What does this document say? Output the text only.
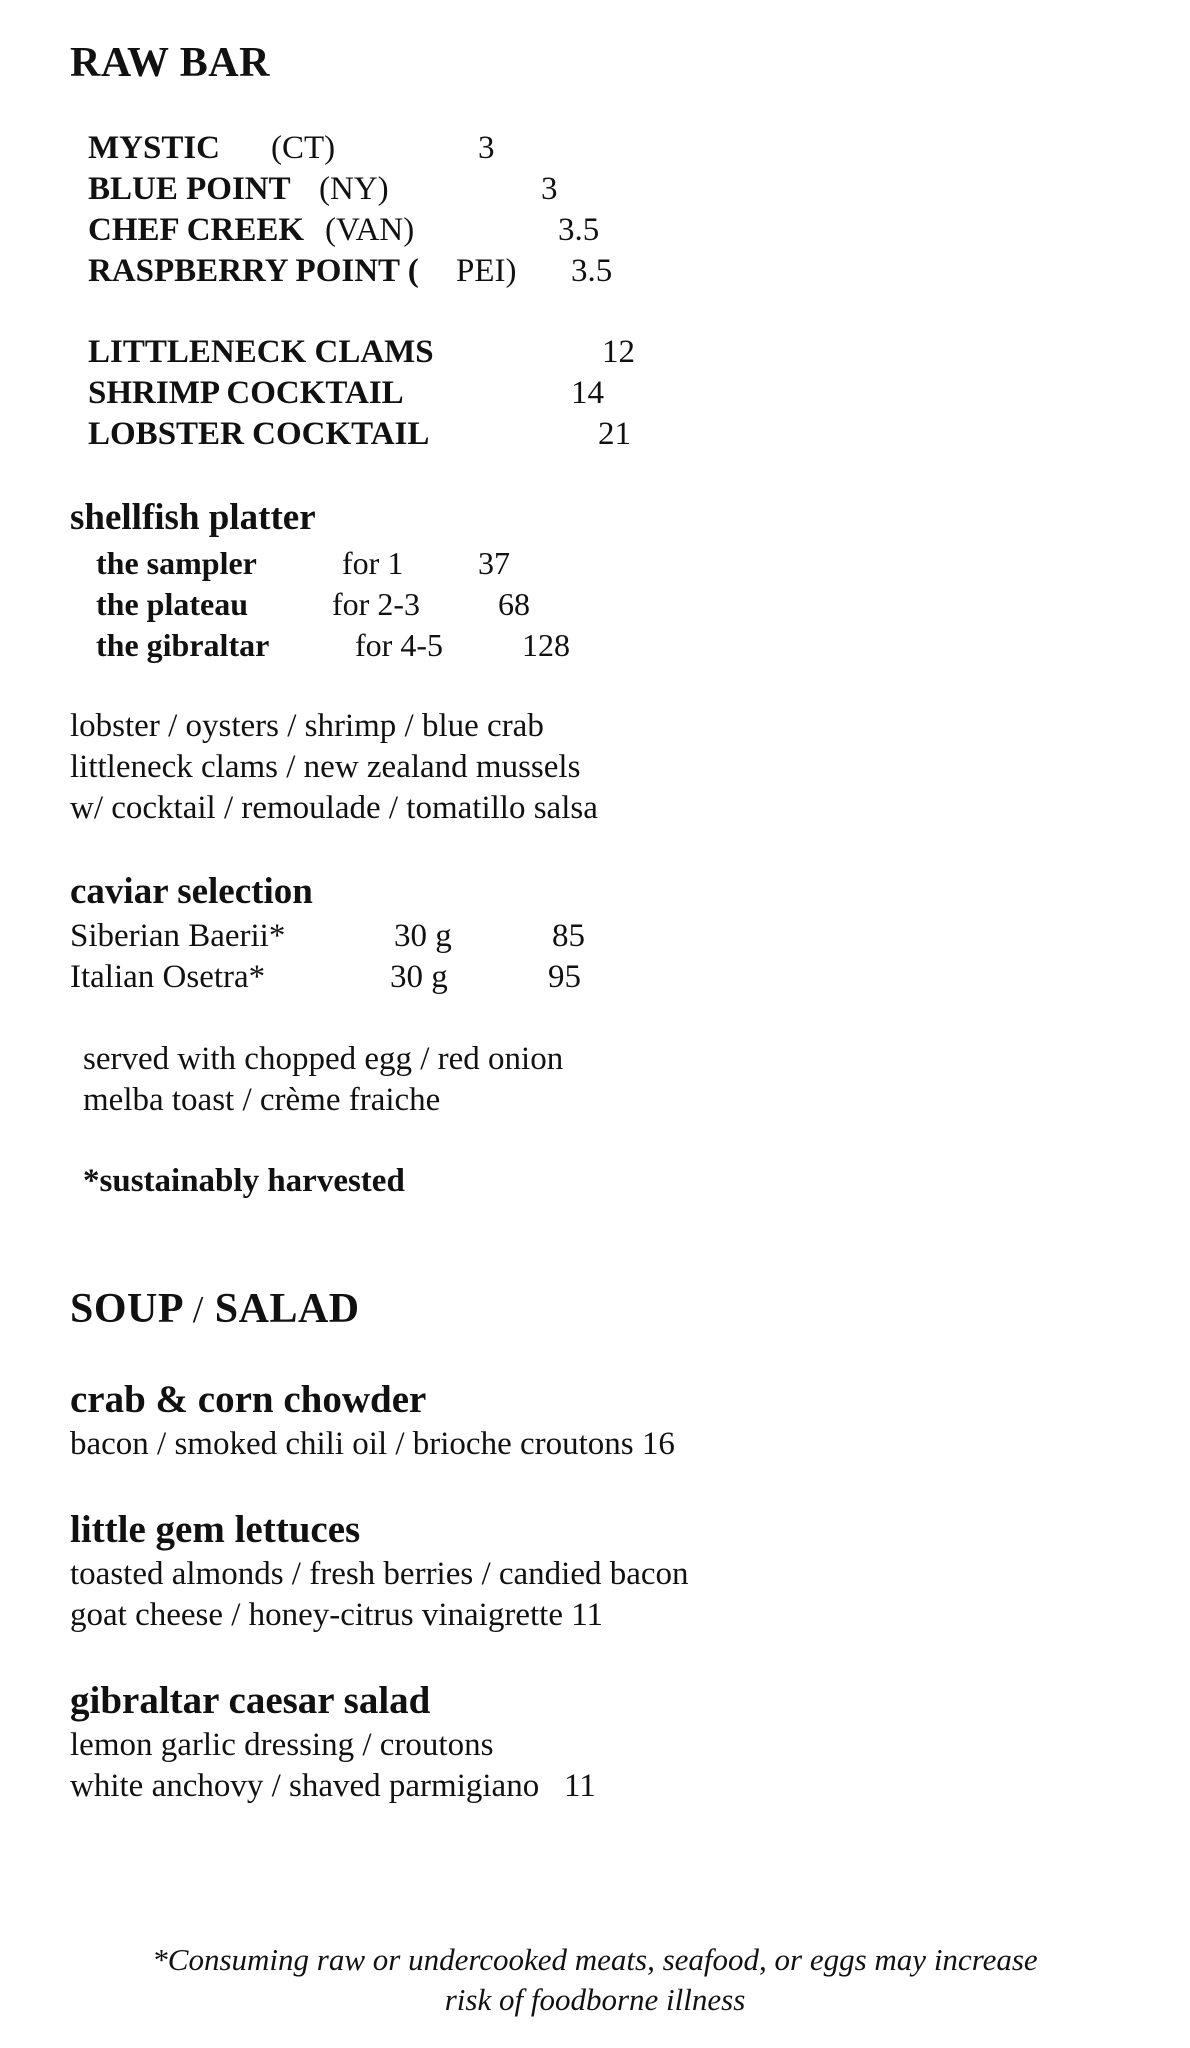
RAW BAR
MYSTIC (CT)	3
BLUE POINT (NY)	3
CHEF CREEK (VAN)	3.5
RASPBERRY POINT ( PEI) 3.5
LITTLENECK CLAMS	12
SHRIMP COCKTAIL	14
LOBSTER COCKTAIL	21
shellfish platter
the sampler	for 1 37
the plateau	for 2-3 68
the gibraltar	for 4-5 128
lobster / oysters / shrimp / blue crab
littleneck clams / new zealand mussels
w/ cocktail / remoulade / tomatillo salsa
caviar selection
Siberian Baerii*	30 g	85
Italian Osetra*	30 g	95
served with chopped egg / red onion
melba toast / crème fraiche
*sustainably harvested
SOUP / SALAD
crab & corn chowder
bacon / smoked chili oil / brioche croutons 16
little gem lettuces
toasted almonds / fresh berries / candied bacon
goat cheese / honey-citrus vinaigrette 11
gibraltar caesar salad
lemon garlic dressing / croutons
white anchovy / shaved parmigiano   11
*Consuming raw or undercooked meats, seafood, or eggs may increase
risk of foodborne illness
